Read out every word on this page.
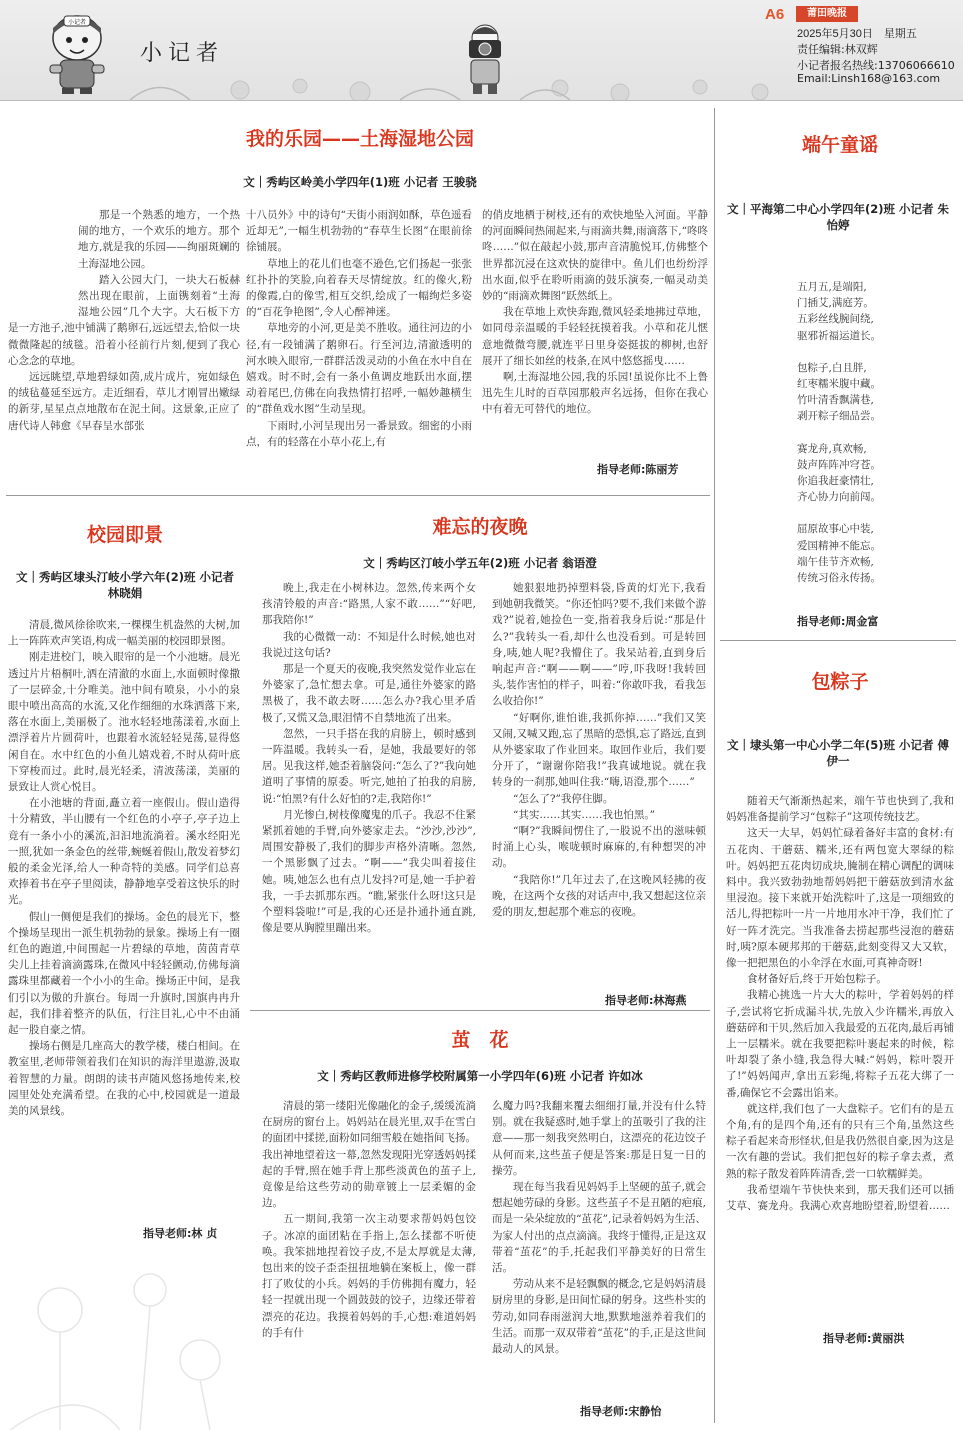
小记者
小记者
A6	莆田晚报
2025年5月30日　星期五
责任编辑:林双辉
小记者报名热线:13706066610
Email:Linsh168@163.com
我的乐园——土海湿地公园
文｜秀屿区岭美小学四年(1)班 小记者 王骏骁

那是一个熟悉的地方，一个热闹的地方，一个欢乐的地方。那个地方,就是我的乐园——绚丽斑斓的土海湿地公园。

踏入公园大门，一块大石板赫然出现在眼前，上面镌刻着“土海湿地公园”几个大字。大石板下方是一方池子,池中铺满了鹅卵石,远远望去,恰似一块微微隆起的绒毯。沿着小径前行片刻,便到了我心心念念的草地。

远远眺望,草地碧绿如茵,成片成片，宛如绿色的绒毡蔓延至远方。走近细看，草儿才刚冒出嫩绿的新芽,星星点点地散布在泥土间。这景象,正应了唐代诗人韩愈《早春呈水部张

十八员外》中的诗句“天街小雨润如酥，草色遥看近却无”,一幅生机勃勃的“春草生长图”在眼前徐徐铺展。

草地上的花儿们也毫不逊色,它们扬起一张张红扑扑的笑脸,向着春天尽情绽放。红的像火,粉的像霞,白的像雪,相互交织,绘成了一幅绚烂多姿的“百花争艳图”,令人心醉神迷。

草地旁的小河,更是美不胜收。通往河边的小径,有一段铺满了鹅卵石。行至河边,清澈透明的河水映入眼帘,一群群活泼灵动的小鱼在水中自在嬉戏。时不时,会有一条小鱼调皮地跃出水面,摆动着尾巴,仿佛在向我热情打招呼,一幅妙趣横生的“群鱼戏水图”生动呈现。

下雨时,小河呈现出另一番景致。细密的小雨点，有的轻落在小草小花上,有

的俏皮地栖于树枝,还有的欢快地坠入河面。平静的河面瞬间热闹起来,与雨滴共舞,雨滴落下,“咚咚咚……”似在敲起小鼓,那声音清脆悦耳,仿佛整个世界都沉浸在这欢快的旋律中。鱼儿们也纷纷浮出水面,似乎在聆听雨滴的鼓乐演奏,一幅灵动美妙的“雨滴欢舞图”跃然纸上。

我在草地上欢快奔跑,微风轻柔地拂过草地，如同母亲温暖的手轻轻抚摸着我。小草和花儿惬意地微微弯腰,就连平日里身姿挺拔的柳树,也舒展开了细长如丝的枝条,在风中悠悠摇曳……

啊,土海湿地公园,我的乐园!虽说你比不上鲁迅先生儿时的百草园那般声名远扬，但你在我心中有着无可替代的地位。

指导老师:陈丽芳
端午童谣
文｜平海第二中心小学四年(2)班 小记者 朱怡婷
五月五,是端阳,
门插艾,满庭芳。
五彩丝线腕间绕,
驱邪祈福运道长。
包粽子,白且胖,
红枣糯米腹中藏。
竹叶清香飘满巷,
剥开粽子细品尝。
赛龙舟,真欢畅,
鼓声阵阵冲穹苍。
你追我赶豪情壮,
齐心协力向前闯。
屈原故事心中装,
爱国精神不能忘。
端午佳节齐欢畅,
传统习俗永传扬。
指导老师:周金富
校园即景
文｜秀屿区埭头汀岐小学六年(2)班 小记者 林晓娟

清晨,微风徐徐吹来,一棵棵生机盎然的大树,加上一阵阵欢声笑语,构成一幅美丽的校园即景图。

刚走进校门，映入眼帘的是一个小池塘。晨光透过片片梧桐叶,洒在清澈的水面上,水面顿时像撒了一层碎金,十分唯美。池中间有喷泉，小小的泉眼中喷出高高的水流,又化作细细的水珠洒落下来,落在水面上,美丽极了。池水轻轻地荡漾着,水面上漂浮着片片圆荷叶，也跟着水流轻轻晃荡,显得悠闲自在。水中红色的小鱼儿嬉戏着,不时从荷叶底下穿梭而过。此时,晨光轻柔，清波荡漾，美丽的景致让人赏心悦目。

在小池塘的背面,矗立着一座假山。假山造得十分精致，半山腰有一个红色的小亭子,亭子边上竟有一条小小的溪流,汩汩地流淌着。溪水经阳光一照,犹如一条金色的丝带,蜿蜒着假山,散发着梦幻般的柔金光泽,给人一种奇特的美感。同学们总喜欢捧着书在亭子里阅读，静静地享受着这快乐的时光。

假山一侧便是我们的操场。金色的晨光下，整个操场呈现出一派生机勃勃的景象。操场上有一圈红色的跑道,中间围起一片碧绿的草地，茵茵青草尖儿上挂着滴滴露珠,在微风中轻轻颤动,仿佛每滴露珠里都藏着一个小小的生命。操场正中间，是我们引以为傲的升旗台。每周一升旗时,国旗冉冉升起，我们排着整齐的队伍，行注目礼,心中不由涌起一股自豪之情。

操场右侧是几座高大的教学楼，楼白相间。在教室里,老师带领着我们在知识的海洋里遨游,汲取着智慧的力量。朗朗的读书声随风悠扬地传来,校园里处处充满希望。在我的心中,校园就是一道最美的风景线。

指导老师:林 贞
难忘的夜晚
文｜秀屿区汀岐小学五年(2)班 小记者 翁语澄

晚上,我走在小树林边。忽然,传来两个女孩清铃般的声音:“路黑,人家不敢……”“好吧,那我陪你!”

我的心微微一动：不知是什么时候,她也对我说过这句话?

那是一个夏天的夜晚,我突然发觉作业忘在外婆家了,急忙想去拿。可是,通往外婆家的路黑极了，我不敢去呀……怎么办?我心里矛盾极了,又慌又急,眼泪情不自禁地流了出来。

忽然，一只手搭在我的肩膀上，顿时感到一阵温暖。我转头一看，是她，我最要好的邻居。见我这样,她歪着脑袋问:“怎么了?”我向她道明了事情的原委。听完,她拍了拍我的肩膀,说:“怕黑?有什么好怕的?走,我陪你!”

月光惨白,树枝像魔鬼的爪子。我忍不住紧紧抓着她的手臂,向外婆家走去。“沙沙,沙沙”,周围安静极了,我们的脚步声格外清晰。忽然,一个黑影飘了过去。“啊——”我尖叫着接住她。咦,她怎么也有点儿发抖?可是,她一手护着我，一手去抓那东西。“瞧,紧张什么呀!这只是个塑料袋啦!”可是,我的心还是扑通扑通直跳,像是要从胸膛里蹦出来。

她狠狠地扔掉塑料袋,昏黄的灯光下,我看到她朝我微笑。“你还怕吗?要不,我们来做个游戏?”说着,她捡色一变,指着我身后说:“那是什么?”我转头一看,却什么也没看到。可是转回身,咦,她人呢?我懵住了。我呆站着,直到身后响起声音:“啊——啊——”哼,吓我呀!我转回头,装作害怕的样子，叫着:“你敢吓我，看我怎么收拾你!”

“好啊你,谁怕谁,我抓你掉……”我们又笑又闹,又喊又跑,忘了黑暗的恐惧,忘了路远,直到从外婆家取了作业回来。取回作业后，我们要分开了，“谢谢你陪我!”我真诚地说。就在我转身的一刹那,她叫住我:“嗨,语澄,那个……”

“怎么了?”我停住脚。

“其实……其实……我也怕黑。”

“啊?”我瞬间愣住了,一股说不出的滋味顿时涌上心头，喉咙顿时麻麻的,有种想哭的冲动。

“我陪你!”几年过去了,在这晚风轻拂的夜晚，在这两个女孩的对话声中,我又想起这位亲爱的朋友,想起那个难忘的夜晚。

指导老师:林海燕
茧　花
文｜秀屿区教师进修学校附属第一小学四年(6)班 小记者 许如冰

清晨的第一缕阳光像融化的金子,缓缓流淌在厨房的窗台上。妈妈站在晨光里,双手在雪白的面团中揉搓,面粉如同细雪般在她指间飞扬。我出神地望着这一幕,忽然发现阳光穿透妈妈揉起的手臂,照在她手背上那些淡黄色的茧子上,竟像是给这些劳动的勋章镀上一层柔媚的金边。

五一期间,我第一次主动要求帮妈妈包饺子。冰凉的面团粘在手指上,怎么揉都不听使唤。我笨拙地捏着饺子皮,不是太厚就是太薄,包出来的饺子歪歪扭扭地躺在案板上，像一群打了败仗的小兵。妈妈的手仿佛拥有魔力，轻轻一捏就出现一个圆鼓鼓的饺子，边缘还带着漂亮的花边。我摸着妈妈的手,心想:难道妈妈的手有什

么魔力吗?我翻来覆去细细打量,并没有什么特别。就在我疑惑时,她手掌上的茧吸引了我的注意——那一刻我突然明白，这漂亮的花边饺子从何而来,这些茧子便是答案:那是日复一日的操劳。

现在每当我看见妈妈手上坚硬的茧子,就会想起她劳碌的身影。这些茧子不是丑陋的疤痕,而是一朵朵绽放的“茧花”,记录着妈妈为生活、为家人付出的点点滴滴。我终于懂得,正是这双带着“茧花”的手,托起我们平静美好的日常生活。

劳动从来不是轻飘飘的概念,它是妈妈清晨厨房里的身影,是田间忙碌的躬身。这些朴实的劳动,如同春雨滋润大地,默默地滋养着我们的生活。而那一双双带着“茧花”的手,正是这世间最动人的风景。

指导老师:宋静怡
包粽子
文｜埭头第一中心小学二年(5)班 小记者 傅伊一

随着天气渐渐热起来，端午节也快到了,我和妈妈准备提前学习“包粽子”这项传统技艺。

这天一大早，妈妈忙碌着备好丰富的食材:有五花肉、干蘑菇、糯米,还有两包宽大翠绿的粽叶。妈妈把五花肉切成块,腌制在精心调配的调味料中。我兴致勃勃地帮妈妈把干蘑菇放到清水盆里浸泡。接下来就开始洗粽叶了,这是一项细致的活儿,得把粽叶一片一片地用水冲干净，我们忙了好一阵才洗完。当我准备去捞起那些浸泡的蘑菇时,咦?原本硬邦邦的干蘑菇,此刻变得又大又软，像一把把黑色的小伞浮在水面,可真神奇呀!

食材备好后,终于开始包粽子。

我精心挑选一片大大的粽叶，学着妈妈的样子,尝试将它折成漏斗状,先放入少许糯米,再放入蘑菇碎和干贝,然后加入我最爱的五花肉,最后再铺上一层糯米。就在我要把粽叶裹起来的时候，粽叶却裂了条小缝,我急得大喊:“妈妈，粽叶裂开了!”妈妈闻声,拿出五彩绳,将粽子五花大绑了一番,确保它不会露出馅来。

就这样,我们包了一大盘粽子。它们有的是五个角,有的是四个角,还有的只有三个角,虽然这些粽子看起来奇形怪状,但是我仍然很自豪,因为这是一次有趣的尝试。我们把包好的粽子拿去煮，煮熟的粽子散发着阵阵清香,尝一口软糯鲜美。

我希望端午节快快来到，那天我们还可以插艾草、赛龙舟。我满心欢喜地盼望着,盼望着……

指导老师:黄丽洪
